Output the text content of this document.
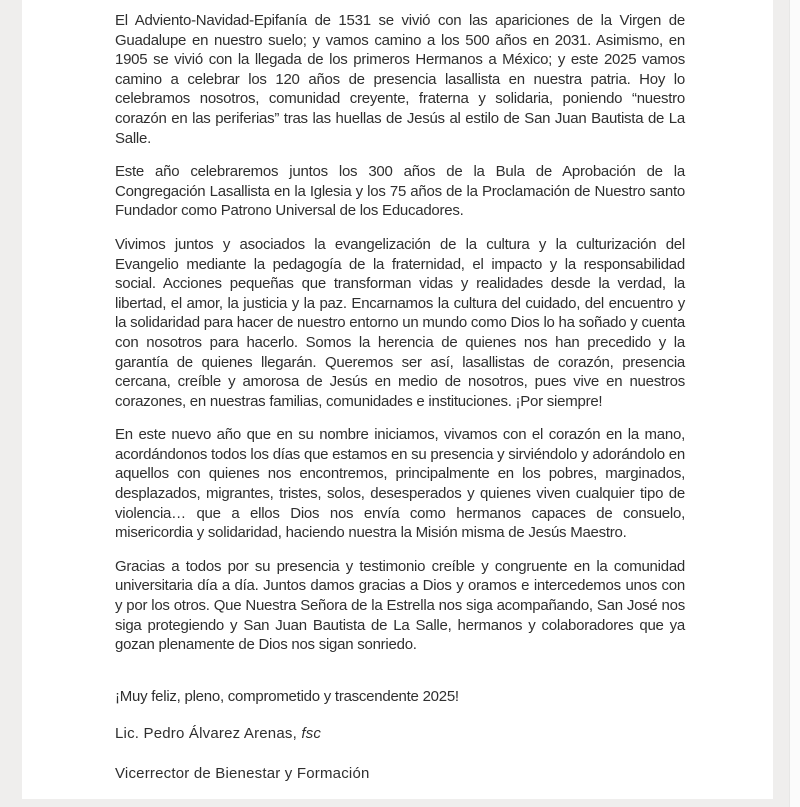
El Adviento-Navidad-Epifanía de 1531 se vivió con las apariciones de la Virgen de Guadalupe en nuestro suelo; y vamos camino a los 500 años en 2031. Asimismo, en 1905 se vivió con la llegada de los primeros Hermanos a México; y este 2025 vamos camino a celebrar los 120 años de presencia lasallista en nuestra patria. Hoy lo celebramos nosotros, comunidad creyente, fraterna y solidaria, poniendo “nuestro corazón en las periferias” tras las huellas de Jesús al estilo de San Juan Bautista de La Salle.

Este año celebraremos juntos los 300 años de la Bula de Aprobación de la Congregación Lasallista en la Iglesia y los 75 años de la Proclamación de Nuestro santo Fundador como Patrono Universal de los Educadores.

Vivimos juntos y asociados la evangelización de la cultura y la culturización del Evangelio mediante la pedagogía de la fraternidad, el impacto y la responsabilidad social. Acciones pequeñas que transforman vidas y realidades desde la verdad, la libertad, el amor, la justicia y la paz. Encarnamos la cultura del cuidado, del encuentro y la solidaridad para hacer de nuestro entorno un mundo como Dios lo ha soñado y cuenta con nosotros para hacerlo. Somos la herencia de quienes nos han precedido y la garantía de quienes llegarán. Queremos ser así, lasallistas de corazón, presencia cercana, creíble y amorosa de Jesús en medio de nosotros, pues vive en nuestros corazones, en nuestras familias, comunidades e instituciones. ¡Por siempre!

En este nuevo año que en su nombre iniciamos, vivamos con el corazón en la mano, acordándonos todos los días que estamos en su presencia y sirviéndolo y adorándolo en aquellos con quienes nos encontremos, principalmente en los pobres, marginados, desplazados, migrantes, tristes, solos, desesperados y quienes viven cualquier tipo de violencia… que a ellos Dios nos envía como hermanos capaces de consuelo, misericordia y solidaridad, haciendo nuestra la Misión misma de Jesús Maestro.

Gracias a todos por su presencia y testimonio creíble y congruente en la comunidad universitaria día a día. Juntos damos gracias a Dios y oramos e intercedemos unos con y por los otros. Que Nuestra Señora de la Estrella nos siga acompañando, San José nos siga protegiendo y San Juan Bautista de La Salle, hermanos y colaboradores que ya gozan plenamente de Dios nos sigan sonriedo.

¡Muy feliz, pleno, comprometido y trascendente 2025!

Lic. Pedro Álvarez Arenas, fsc

Vicerrector de Bienestar y Formación
